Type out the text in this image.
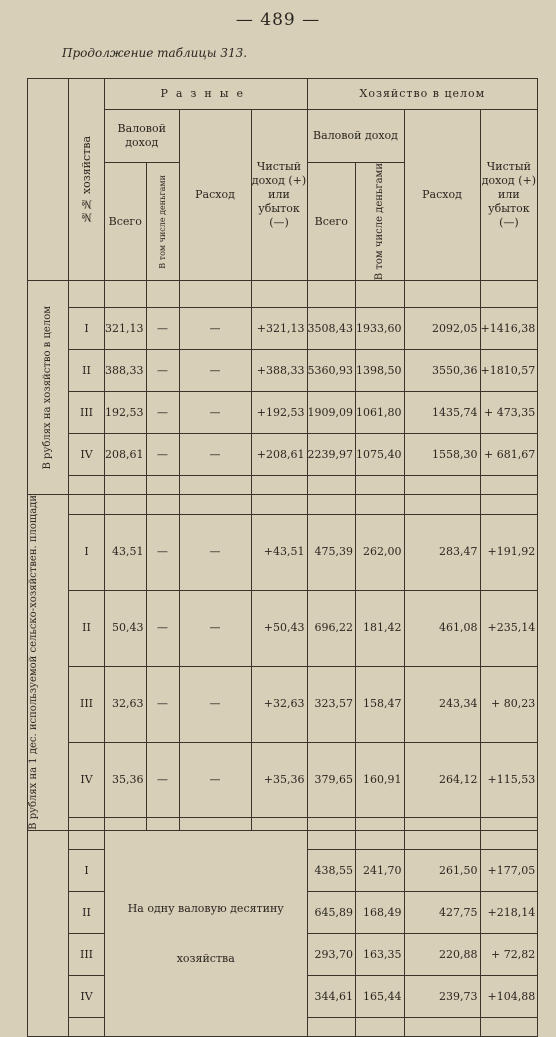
— 489 —
Продолжение таблицы 313.

	№№ хозяйства	Разные				Хозяйство в целом			
		Валовой доход		Расход	Чистый доход (+) или убыток (—)	Валовой доход		Расход	Чистый доход (+) или убыток (—)
		Всего	В том числе деньгами			Всего	В том числе деньгами		

В рублях на хозяйство в целом									

	I	321,13	—	—	+321,13	3508,43	1933,60	2092,05	+1416,38
	II	388,33	—	—	+388,33	5360,93	1398,50	3550,36	+1810,57
	III	192,53	—	—	+192,53	1909,09	1061,80	1435,74	+ 473,35
	IV	208,61	—	—	+208,61	2239,97	1075,40	1558,30	+ 681,67

В рублях на 1 дес. используемой сельско-хозяйствен. площади									

	I	43,51	—	—	+43,51	475,39	262,00	283,47	+191,92
	II	50,43	—	—	+50,43	696,22	181,42	461,08	+235,14
	III	32,63	—	—	+32,63	323,57	158,47	243,34	+ 80,23
	IV	35,36	—	—	+35,36	379,65	160,91	264,12	+115,53

		На одну валовую десятину
хозяйства							

	I					438,55	241,70	261,50	+177,05
	II					645,89	168,49	427,75	+218,14
	III					293,70	163,35	220,88	+ 72,82
	IV					344,61	165,44	239,73	+104,88
